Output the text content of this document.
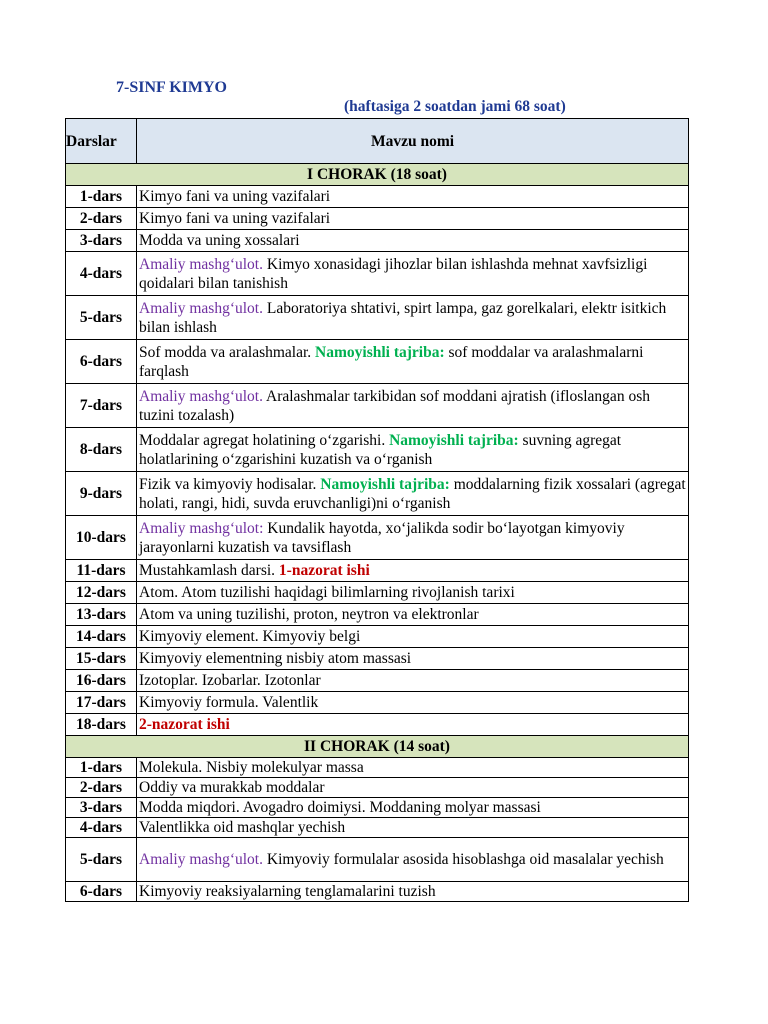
7-SINF KIMYO
(haftasiga 2 soatdan jami 68 soat)
Darslar	Mavzu nomi
I CHORAK (18 soat)	
1-dars	Kimyo fani va uning vazifalari
2-dars	Kimyo fani va uning vazifalari
3-dars	Modda va uning xossalari
4-dars	Amaliy mashg‘ulot. Kimyo xonasidagi jihozlar bilan ishlashda mehnat xavfsizligi qoidalari bilan tanishish
5-dars	Amaliy mashg‘ulot. Laboratoriya shtativi, spirt lampa, gaz gorelkalari, elektr isitkich bilan ishlash
6-dars	Sof modda va aralashmalar. Namoyishli tajriba: sof moddalar va aralashmalarni farqlash
7-dars	Amaliy mashg‘ulot. Aralashmalar tarkibidan sof moddani ajratish (ifloslangan osh tuzini tozalash)
8-dars	Moddalar agregat holatining o‘zgarishi. Namoyishli tajriba: suvning agregat holatlarining o‘zgarishini kuzatish va o‘rganish
9-dars	Fizik va kimyoviy hodisalar. Namoyishli tajriba: moddalarning fizik xossalari (agregat holati, rangi, hidi, suvda eruvchanligi)ni o‘rganish
10-dars	Amaliy mashg‘ulot: Kundalik hayotda, xo‘jalikda sodir bo‘layotgan kimyoviy jarayonlarni kuzatish va tavsiflash
11-dars	Mustahkamlash darsi. 1-nazorat ishi
12-dars	Atom. Atom tuzilishi haqidagi bilimlarning rivojlanish tarixi
13-dars	Atom va uning tuzilishi, proton, neytron va elektronlar
14-dars	Kimyoviy element. Kimyoviy belgi
15-dars	Kimyoviy elementning nisbiy atom massasi
16-dars	Izotoplar. Izobarlar. Izotonlar
17-dars	Kimyoviy formula. Valentlik
18-dars	2-nazorat ishi
II CHORAK (14 soat)	
1-dars	Molekula. Nisbiy molekulyar massa
2-dars	Oddiy va murakkab moddalar
3-dars	Modda miqdori. Avogadro doimiysi. Moddaning molyar massasi
4-dars	Valentlikka oid mashqlar yechish
5-dars	Amaliy mashg‘ulot. Kimyoviy formulalar asosida hisoblashga oid masalalar yechish
6-dars	Kimyoviy reaksiyalarning tenglamalarini tuzish
